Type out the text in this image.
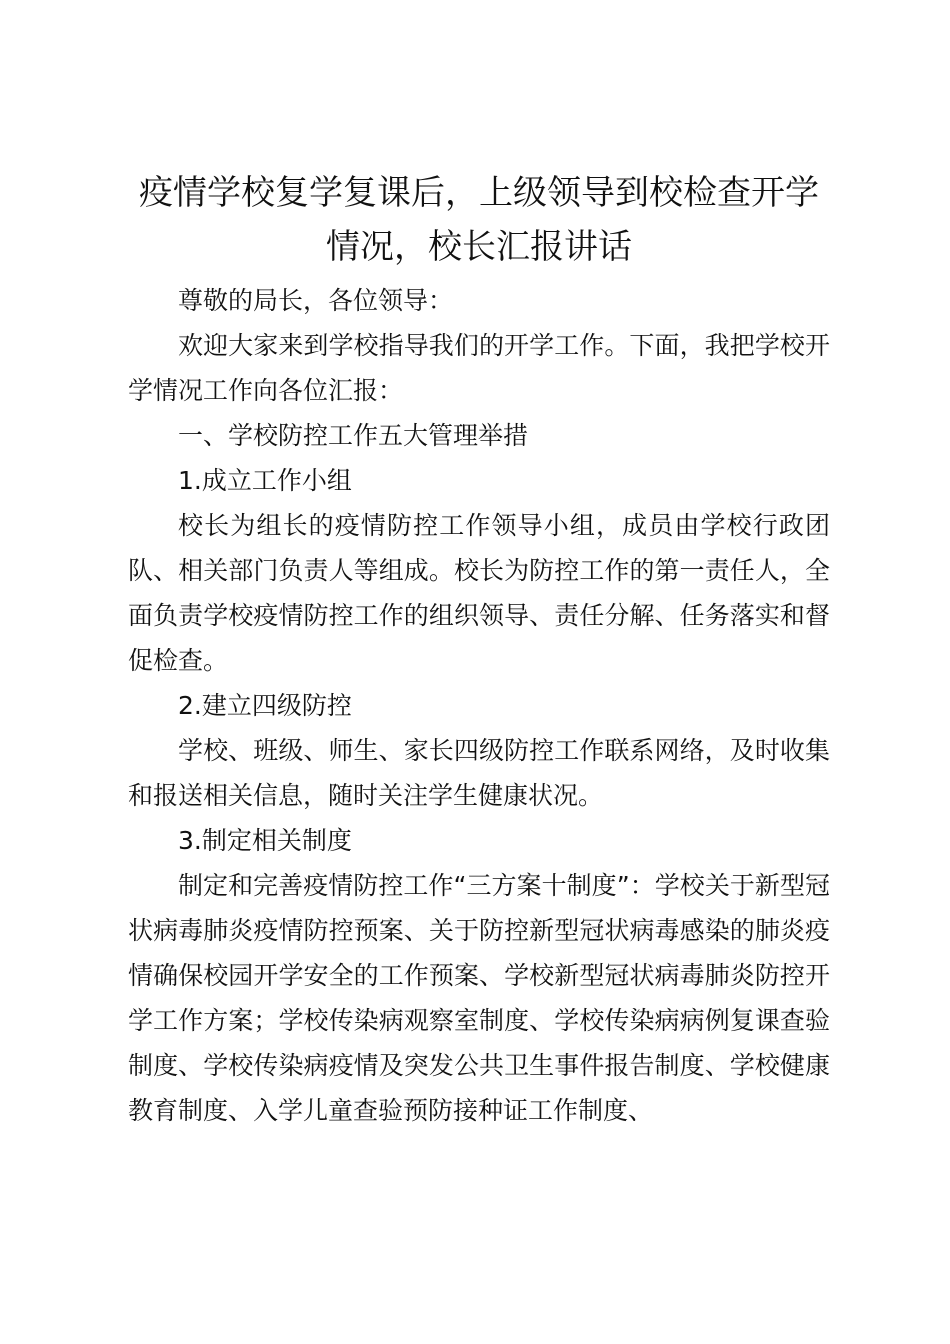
疫情学校复学复课后，上级领导到校检查开学情况，校长汇报讲话

尊敬的局长，各位领导：

欢迎大家来到学校指导我们的开学工作。下面，我把学校开学情况工作向各位汇报：

一、学校防控工作五大管理举措

1.成立工作小组

校长为组长的疫情防控工作领导小组，成员由学校行政团队、相关部门负责人等组成。校长为防控工作的第一责任人，全面负责学校疫情防控工作的组织领导、责任分解、任务落实和督促检查。

2.建立四级防控

学校、班级、师生、家长四级防控工作联系网络，及时收集和报送相关信息，随时关注学生健康状况。

3.制定相关制度

制定和完善疫情防控工作“三方案十制度”：学校关于新型冠状病毒肺炎疫情防控预案、关于防控新型冠状病毒感染的肺炎疫情确保校园开学安全的工作预案、学校新型冠状病毒肺炎防控开学工作方案；学校传染病观察室制度、学校传染病病例复课查验制度、学校传染病疫情及突发公共卫生事件报告制度、学校健康教育制度、入学儿童查验预防接种证工作制度、
